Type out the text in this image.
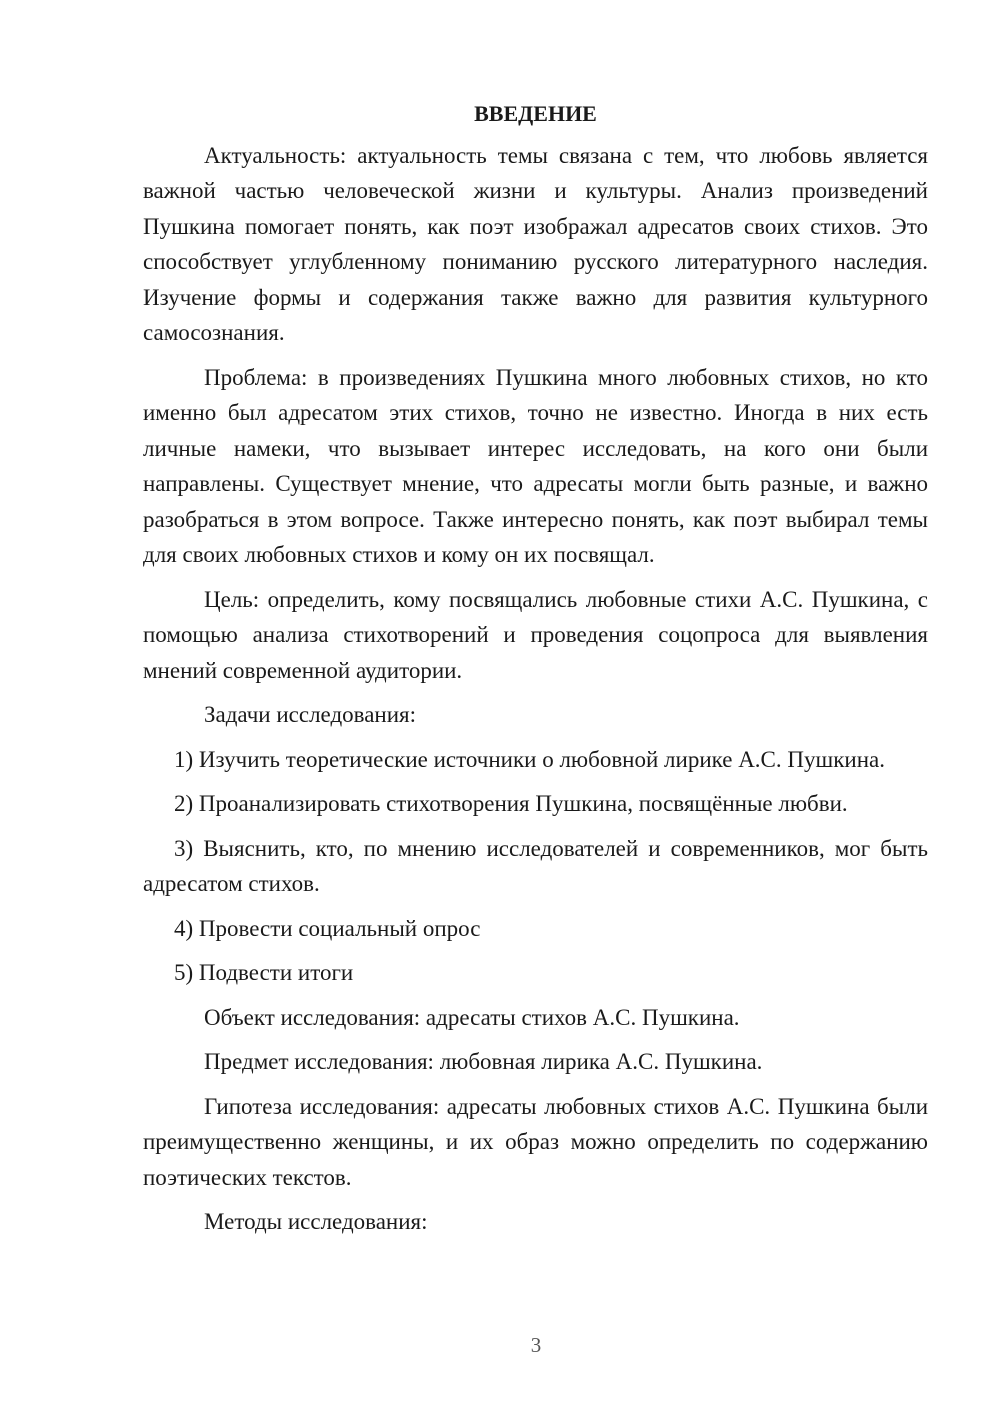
ВВЕДЕНИЕ

Актуальность: актуальность темы связана с тем, что любовь является важной частью человеческой жизни и культуры. Анализ произведений Пушкина помогает понять, как поэт изображал адресатов своих стихов. Это способствует углубленному пониманию русского литературного наследия. Изучение формы и содержания также важно для развития культурного самосознания.

Проблема: в произведениях Пушкина много любовных стихов, но кто именно был адресатом этих стихов, точно не известно. Иногда в них есть личные намеки, что вызывает интерес исследовать, на кого они были направлены. Существует мнение, что адресаты могли быть разные, и важно разобраться в этом вопросе. Также интересно понять, как поэт выбирал темы для своих любовных стихов и кому он их посвящал.

Цель: определить, кому посвящались любовные стихи А.С. Пушкина, с помощью анализа стихотворений и проведения соцопроса для выявления мнений современной аудитории.

Задачи исследования:

1) Изучить теоретические источники о любовной лирике А.С. Пушкина.

2) Проанализировать стихотворения Пушкина, посвящённые любви.

3) Выяснить, кто, по мнению исследователей и современников, мог быть адресатом стихов.

4) Провести социальный опрос

5) Подвести итоги

Объект исследования: адресаты стихов А.С. Пушкина.

Предмет исследования: любовная лирика А.С. Пушкина.

Гипотеза исследования: адресаты любовных стихов А.С. Пушкина были преимущественно женщины, и их образ можно определить по содержанию поэтических текстов.

Методы исследования:

3
